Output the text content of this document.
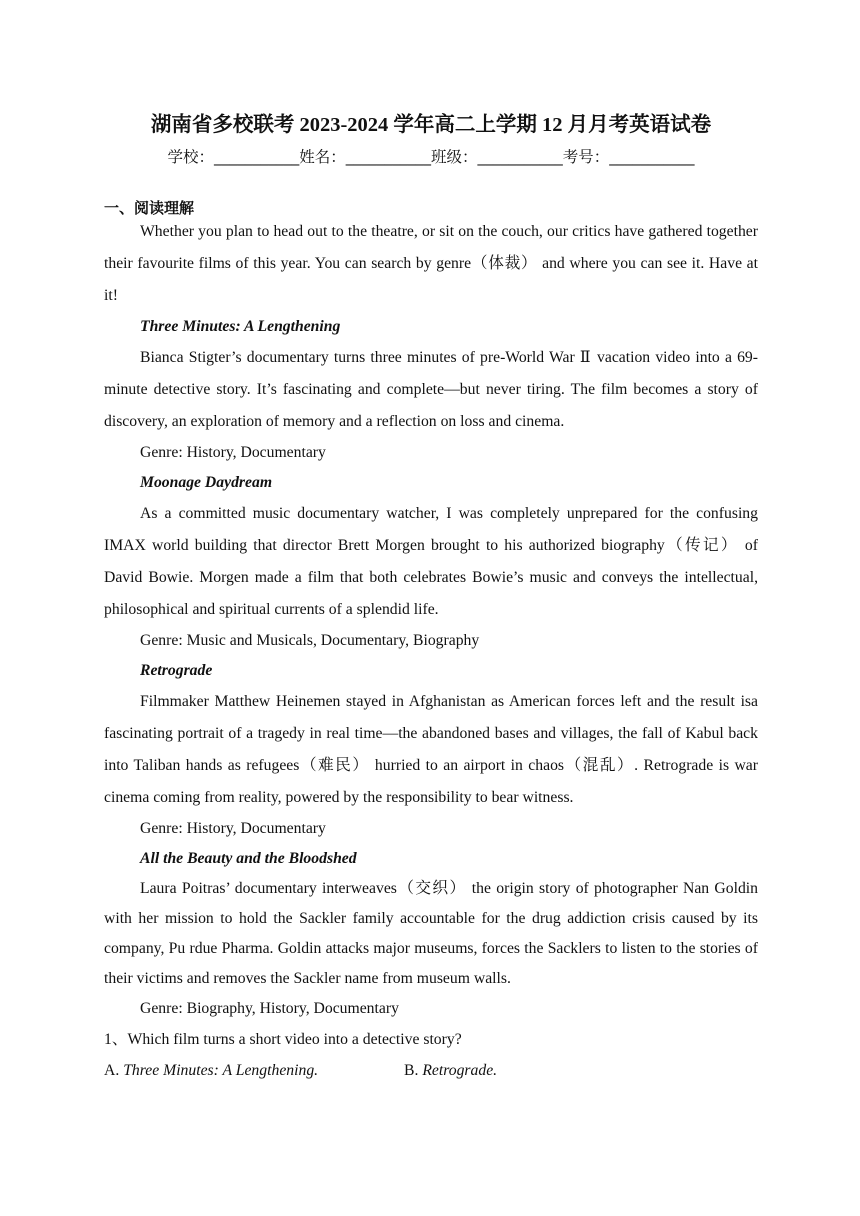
湖南省多校联考 2023-2024 学年高二上学期 12 月月考英语试卷
学校：___________姓名：___________班级：___________考号：___________
一、阅读理解

Whether you plan to head out to the theatre, or sit on the couch, our critics have gathered together their favourite films of this year. You can search by genre（体裁） and where you can see it. Have at it!

Three Minutes: A Lengthening

Bianca Stigter’s documentary turns three minutes of pre-World War Ⅱ vacation video into a 69-minute detective story. It’s fascinating and complete—but never tiring. The film becomes a story of discovery, an exploration of memory and a reflection on loss and cinema.

Genre: History, Documentary

Moonage Daydream

As a committed music documentary watcher, I was completely unprepared for the confusing IMAX world building that director Brett Morgen brought to his authorized biography（传记） of David Bowie. Morgen made a film that both celebrates Bowie’s music and conveys the intellectual, philosophical and spiritual currents of a splendid life.

Genre: Music and Musicals, Documentary, Biography

Retrograde

Filmmaker Matthew Heinemen stayed in Afghanistan as American forces left and the result isa fascinating portrait of a tragedy in real time—the abandoned bases and villages, the fall of Kabul back into Taliban hands as refugees（难民） hurried to an airport in chaos（混乱）. Retrograde is war cinema coming from reality, powered by the responsibility to bear witness.

Genre: History, Documentary

All the Beauty and the Bloodshed

Laura Poitras’ documentary interweaves（交织） the origin story of photographer Nan Goldin with her mission to hold the Sackler family accountable for the drug addiction crisis caused by its company, Pu rdue Pharma. Goldin attacks major museums, forces the Sacklers to listen to the stories of their victims and removes the Sackler name from museum walls.

Genre: Biography, History, Documentary

1、Which film turns a short video into a detective story?

A. Three Minutes: A Lengthening.	B. Retrograde.
